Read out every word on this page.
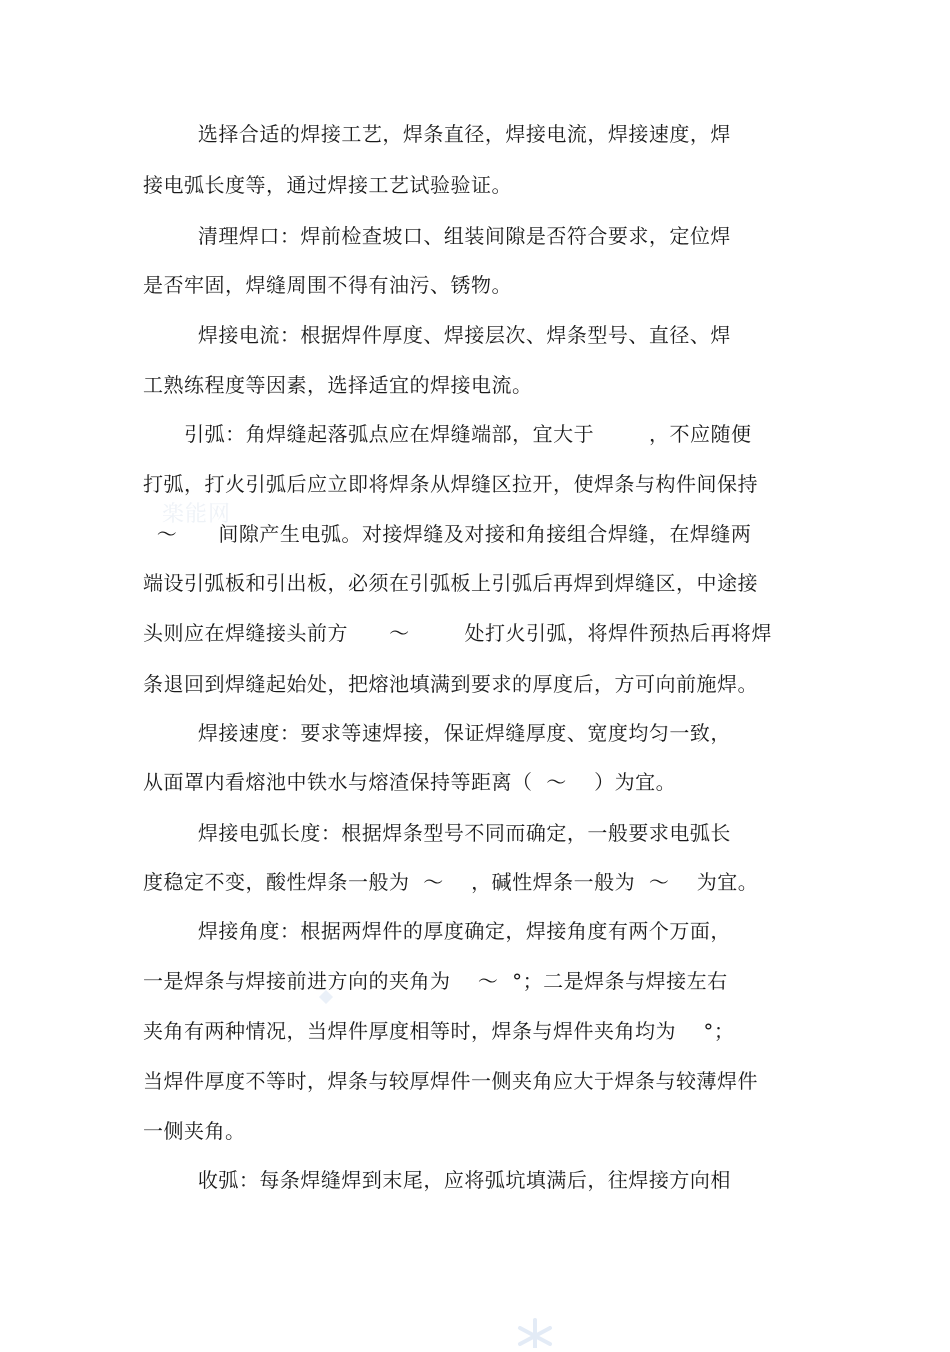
楽能网
选择合适的焊接工艺，焊条直径，焊接电流，焊接速度，焊
接电弧长度等，通过焊接工艺试验验证。
清理焊口：焊前检查坡口、组装间隙是否符合要求，定位焊
是否牢固，焊缝周围不得有油污、锈物。
焊接电流：根据焊件厚度、焊接层次、焊条型号、直径、焊
工熟练程度等因素，选择适宜的焊接电流。
引弧：角焊缝起落弧点应在焊缝端部，宜大于        ，不应随便
打弧，打火引弧后应立即将焊条从焊缝区拉开，使焊条与构件间保持
～      间隙产生电弧。对接焊缝及对接和角接组合焊缝，在焊缝两
端设引弧板和引出板，必须在引弧板上引弧后再焊到焊缝区，中途接
头则应在焊缝接头前方      ～        处打火引弧，将焊件预热后再将焊
条退回到焊缝起始处，把熔池填满到要求的厚度后，方可向前施焊。
焊接速度：要求等速焊接，保证焊缝厚度、宽度均匀一致，
从面罩内看熔池中铁水与熔渣保持等距离（  ～    ）为宜。
焊接电弧长度：根据焊条型号不同而确定，一般要求电弧长
度稳定不变，酸性焊条一般为  ～    ，碱性焊条一般为  ～    为宜。
焊接角度：根据两焊件的厚度确定，焊接角度有两个万面，
一是焊条与焊接前进方向的夹角为    ～  °；二是焊条与焊接左右
夹角有两种情况，当焊件厚度相等时，焊条与焊件夹角均为    °；
当焊件厚度不等时，焊条与较厚焊件一侧夹角应大于焊条与较薄焊件
一侧夹角。
收弧：每条焊缝焊到末尾，应将弧坑填满后，往焊接方向相
